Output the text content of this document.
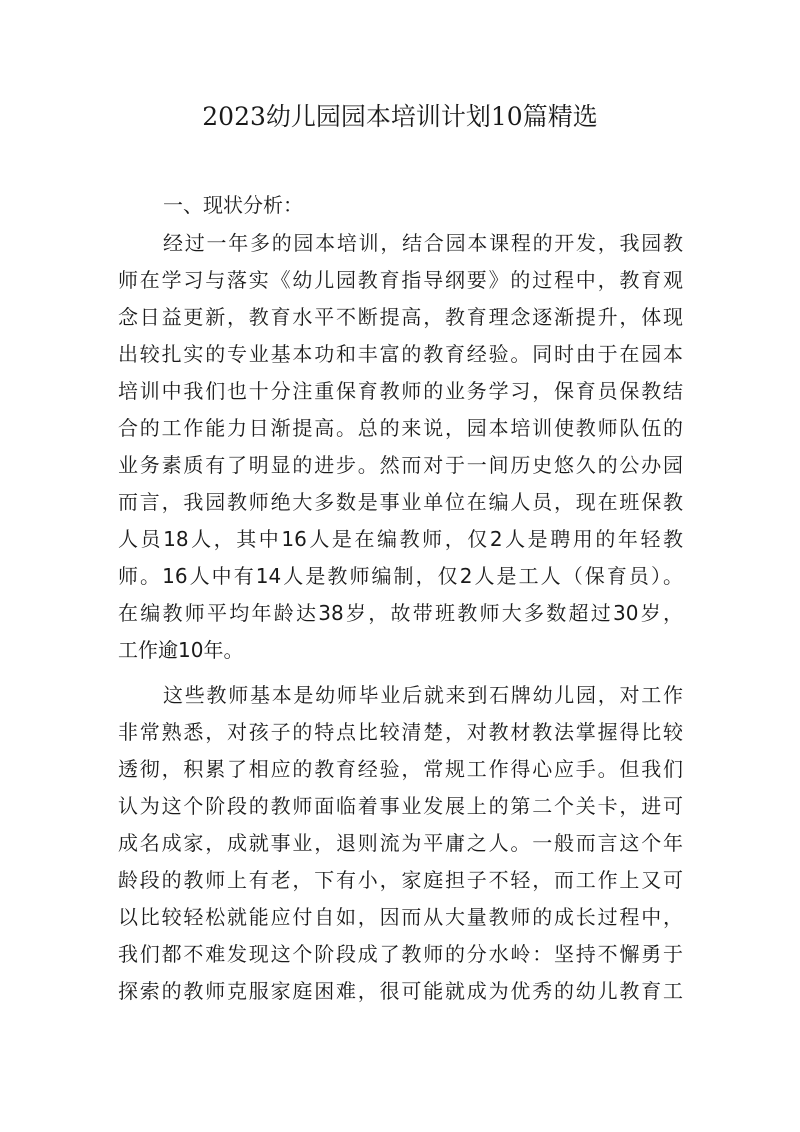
2023幼儿园园本培训计划10篇精选
一、现状分析：
经过一年多的园本培训，结合园本课程的开发，我园教
师在学习与落实《幼儿园教育指导纲要》的过程中，教育观
念日益更新，教育水平不断提高，教育理念逐渐提升，体现
出较扎实的专业基本功和丰富的教育经验。同时由于在园本
培训中我们也十分注重保育教师的业务学习，保育员保教结
合的工作能力日渐提高。总的来说，园本培训使教师队伍的
业务素质有了明显的进步。然而对于一间历史悠久的公办园
而言，我园教师绝大多数是事业单位在编人员，现在班保教
人员18人，其中16人是在编教师，仅2人是聘用的年轻教
师。16人中有14人是教师编制，仅2人是工人（保育员）。
在编教师平均年龄达38岁，故带班教师大多数超过30岁，
工作逾10年。
这些教师基本是幼师毕业后就来到石牌幼儿园，对工作
非常熟悉，对孩子的特点比较清楚，对教材教法掌握得比较
透彻，积累了相应的教育经验，常规工作得心应手。但我们
认为这个阶段的教师面临着事业发展上的第二个关卡，进可
成名成家，成就事业，退则流为平庸之人。一般而言这个年
龄段的教师上有老，下有小，家庭担子不轻，而工作上又可
以比较轻松就能应付自如，因而从大量教师的成长过程中，
我们都不难发现这个阶段成了教师的分水岭：坚持不懈勇于
探索的教师克服家庭困难，很可能就成为优秀的幼儿教育工
